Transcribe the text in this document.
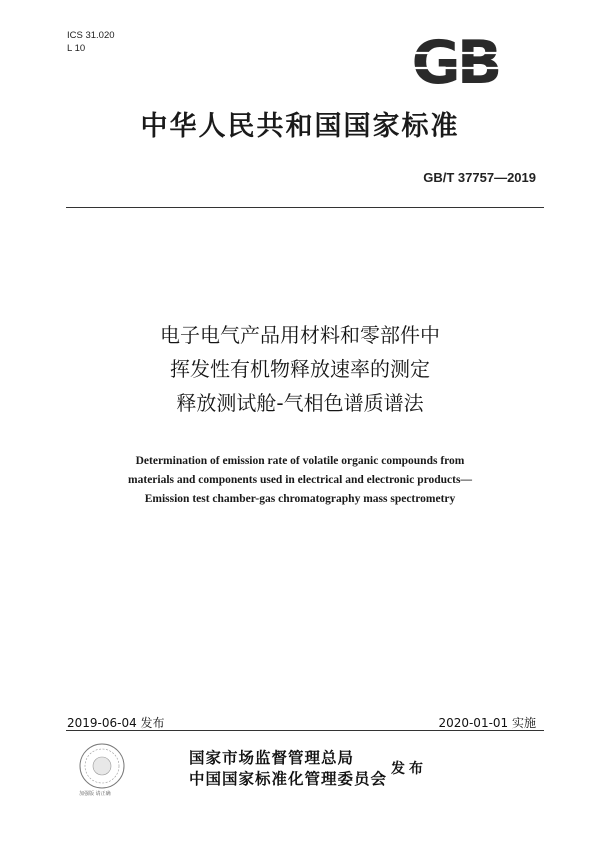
ICS 31.020
L 10	GB
中华人民共和国国家标准
GB/T 37757—2019
电子电气产品用材料和零部件中
挥发性有机物释放速率的测定
释放测试舱-气相色谱质谱法
Determination of emission rate of volatile organic compounds from
materials and components used in electrical and electronic products—
Emission test chamber-gas chromatography mass spectrometry
2019-06-04 发布	2020-01-01 实施
加强版 请正确
国家市场监督管理总局
中国国家标准化管理委员会
发布
